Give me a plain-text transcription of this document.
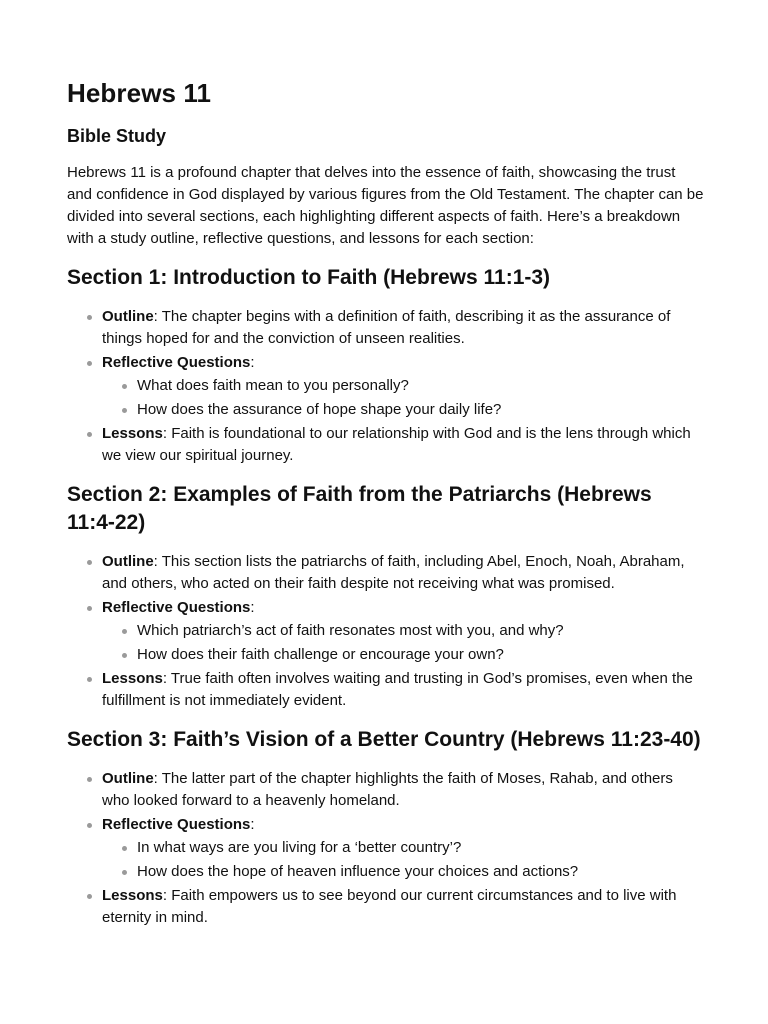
Hebrews 11
Bible Study

Hebrews 11 is a profound chapter that delves into the essence of faith, showcasing the trust and confidence in God displayed by various figures from the Old Testament. The chapter can be divided into several sections, each highlighting different aspects of faith. Here’s a breakdown with a study outline, reflective questions, and lessons for each section:

Section 1: Introduction to Faith (Hebrews 11:1-3)
Outline: The chapter begins with a definition of faith, describing it as the assurance of things hoped for and the conviction of unseen realities.
Reflective Questions:
What does faith mean to you personally?
How does the assurance of hope shape your daily life?
Lessons: Faith is foundational to our relationship with God and is the lens through which we view our spiritual journey.
Section 2: Examples of Faith from the Patriarchs (Hebrews 11:4-22)
Outline: This section lists the patriarchs of faith, including Abel, Enoch, Noah, Abraham, and others, who acted on their faith despite not receiving what was promised.
Reflective Questions:
Which patriarch’s act of faith resonates most with you, and why?
How does their faith challenge or encourage your own?
Lessons: True faith often involves waiting and trusting in God’s promises, even when the fulfillment is not immediately evident.
Section 3: Faith’s Vision of a Better Country (Hebrews 11:23-40)
Outline: The latter part of the chapter highlights the faith of Moses, Rahab, and others who looked forward to a heavenly homeland.
Reflective Questions:
In what ways are you living for a ‘better country’?
How does the hope of heaven influence your choices and actions?
Lessons: Faith empowers us to see beyond our current circumstances and to live with eternity in mind.
